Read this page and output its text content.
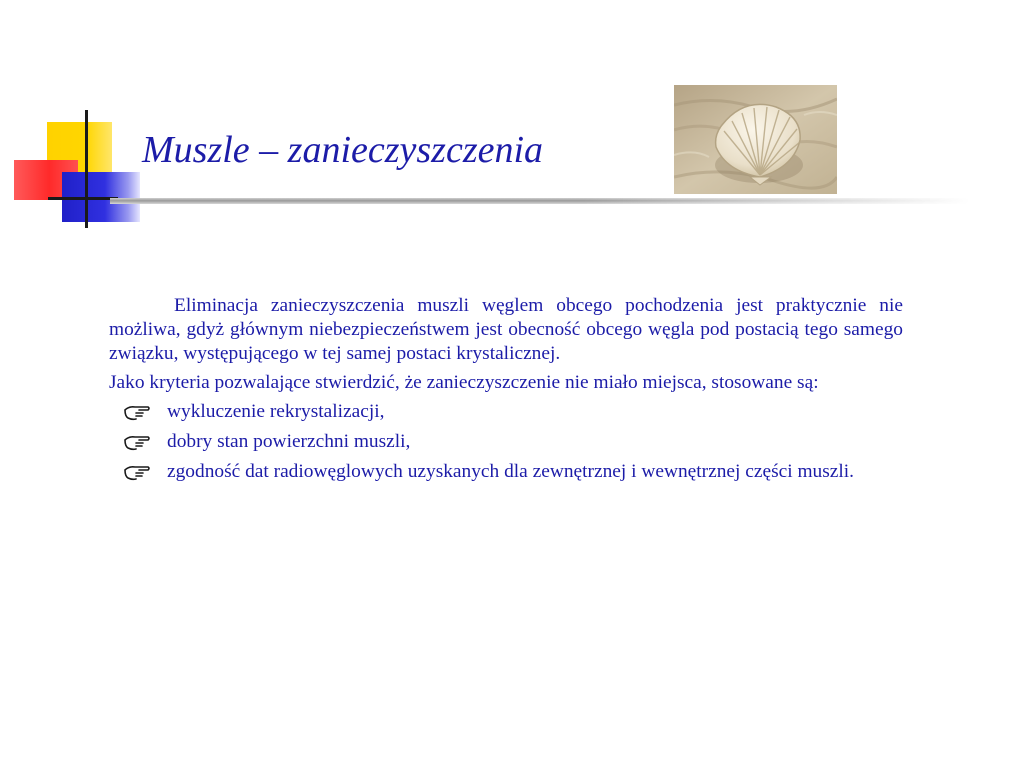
Muszle – zanieczyszczenia

Eliminacja zanieczyszczenia muszli węglem obcego pochodzenia jest praktycznie nie możliwa, gdyż głównym niebezpieczeństwem jest obecność obcego węgla pod postacią tego samego związku, występującego w tej samej postaci krystalicznej.

Jako kryteria pozwalające stwierdzić, że zanieczyszczenie nie miało miejsca, stosowane są:

wykluczenie rekrystalizacji,
dobry stan powierzchni muszli,
zgodność dat radiowęglowych uzyskanych dla zewnętrznej i wewnętrznej części muszli.
